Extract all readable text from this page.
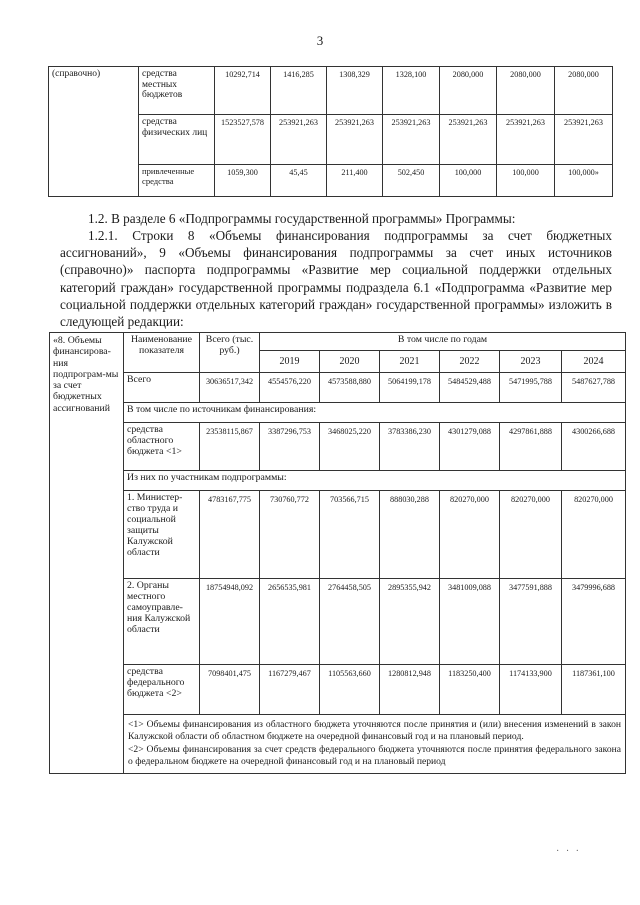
3
(справочно)	средства местных бюджетов	10292,714	1416,285	1308,329	1328,100	2080,000	2080,000	2080,000
	средства физических лиц	1523527,578	253921,263	253921,263	253921,263	253921,263	253921,263	253921,263
	привлеченные средства	1059,300	45,45	211,400	502,450	100,000	100,000	100,000»

1.2. В разделе 6 «Подпрограммы государственной программы» Программы:

1.2.1. Строки 8 «Объемы финансирования подпрограммы за счет бюджетных ассигнований», 9 «Объемы финансирования подпрограммы за счет иных источников (справочно)» паспорта подпрограммы «Развитие мер социальной поддержки отдельных категорий граждан» государственной программы подраздела 6.1 «Подпрограмма «Развитие мер социальной поддержки отдельных категорий граждан» государственной программы» изложить в следующей редакции:

«8. Объемы финансирова-ния подпрограм-мы за счет бюджетных ассигнований	Наименование показателя	Всего (тыс. руб.)	В том числе по годам					
			2019	2020	2021	2022	2023	2024
	Всего	30636517,342	4554576,220	4573588,880	5064199,178	5484529,488	5471995,788	5487627,788
	В том числе по источникам финансирования:							
	средства областного бюджета <1>	23538115,867	3387296,753	3468025,220	3783386,230	4301279,088	4297861,888	4300266,688
	Из них по участникам подпрограммы:							
	1. Министер-ство труда и социальной защиты Калужской области	4783167,775	730760,772	703566,715	888030,288	820270,000	820270,000	820270,000
	2. Органы местного самоуправле-ния Калужской области	18754948,092	2656535,981	2764458,505	2895355,942	3481009,088	3477591,888	3479996,688
	средства федерального бюджета <2>	7098401,475	1167279,467	1105563,660	1280812,948	1183250,400	1174133,900	1187361,100

	<1> Объемы финансирования из областного бюджета уточняются после принятия и (или) внесения изменений в закон Калужской области об областном бюджете на очередной финансовый год и на плановый период.

<2> Объемы финансирования за счет средств федерального бюджета уточняются после принятия федерального закона о федеральном бюджете на очередной финансовый год и на плановый период							

· · ·
